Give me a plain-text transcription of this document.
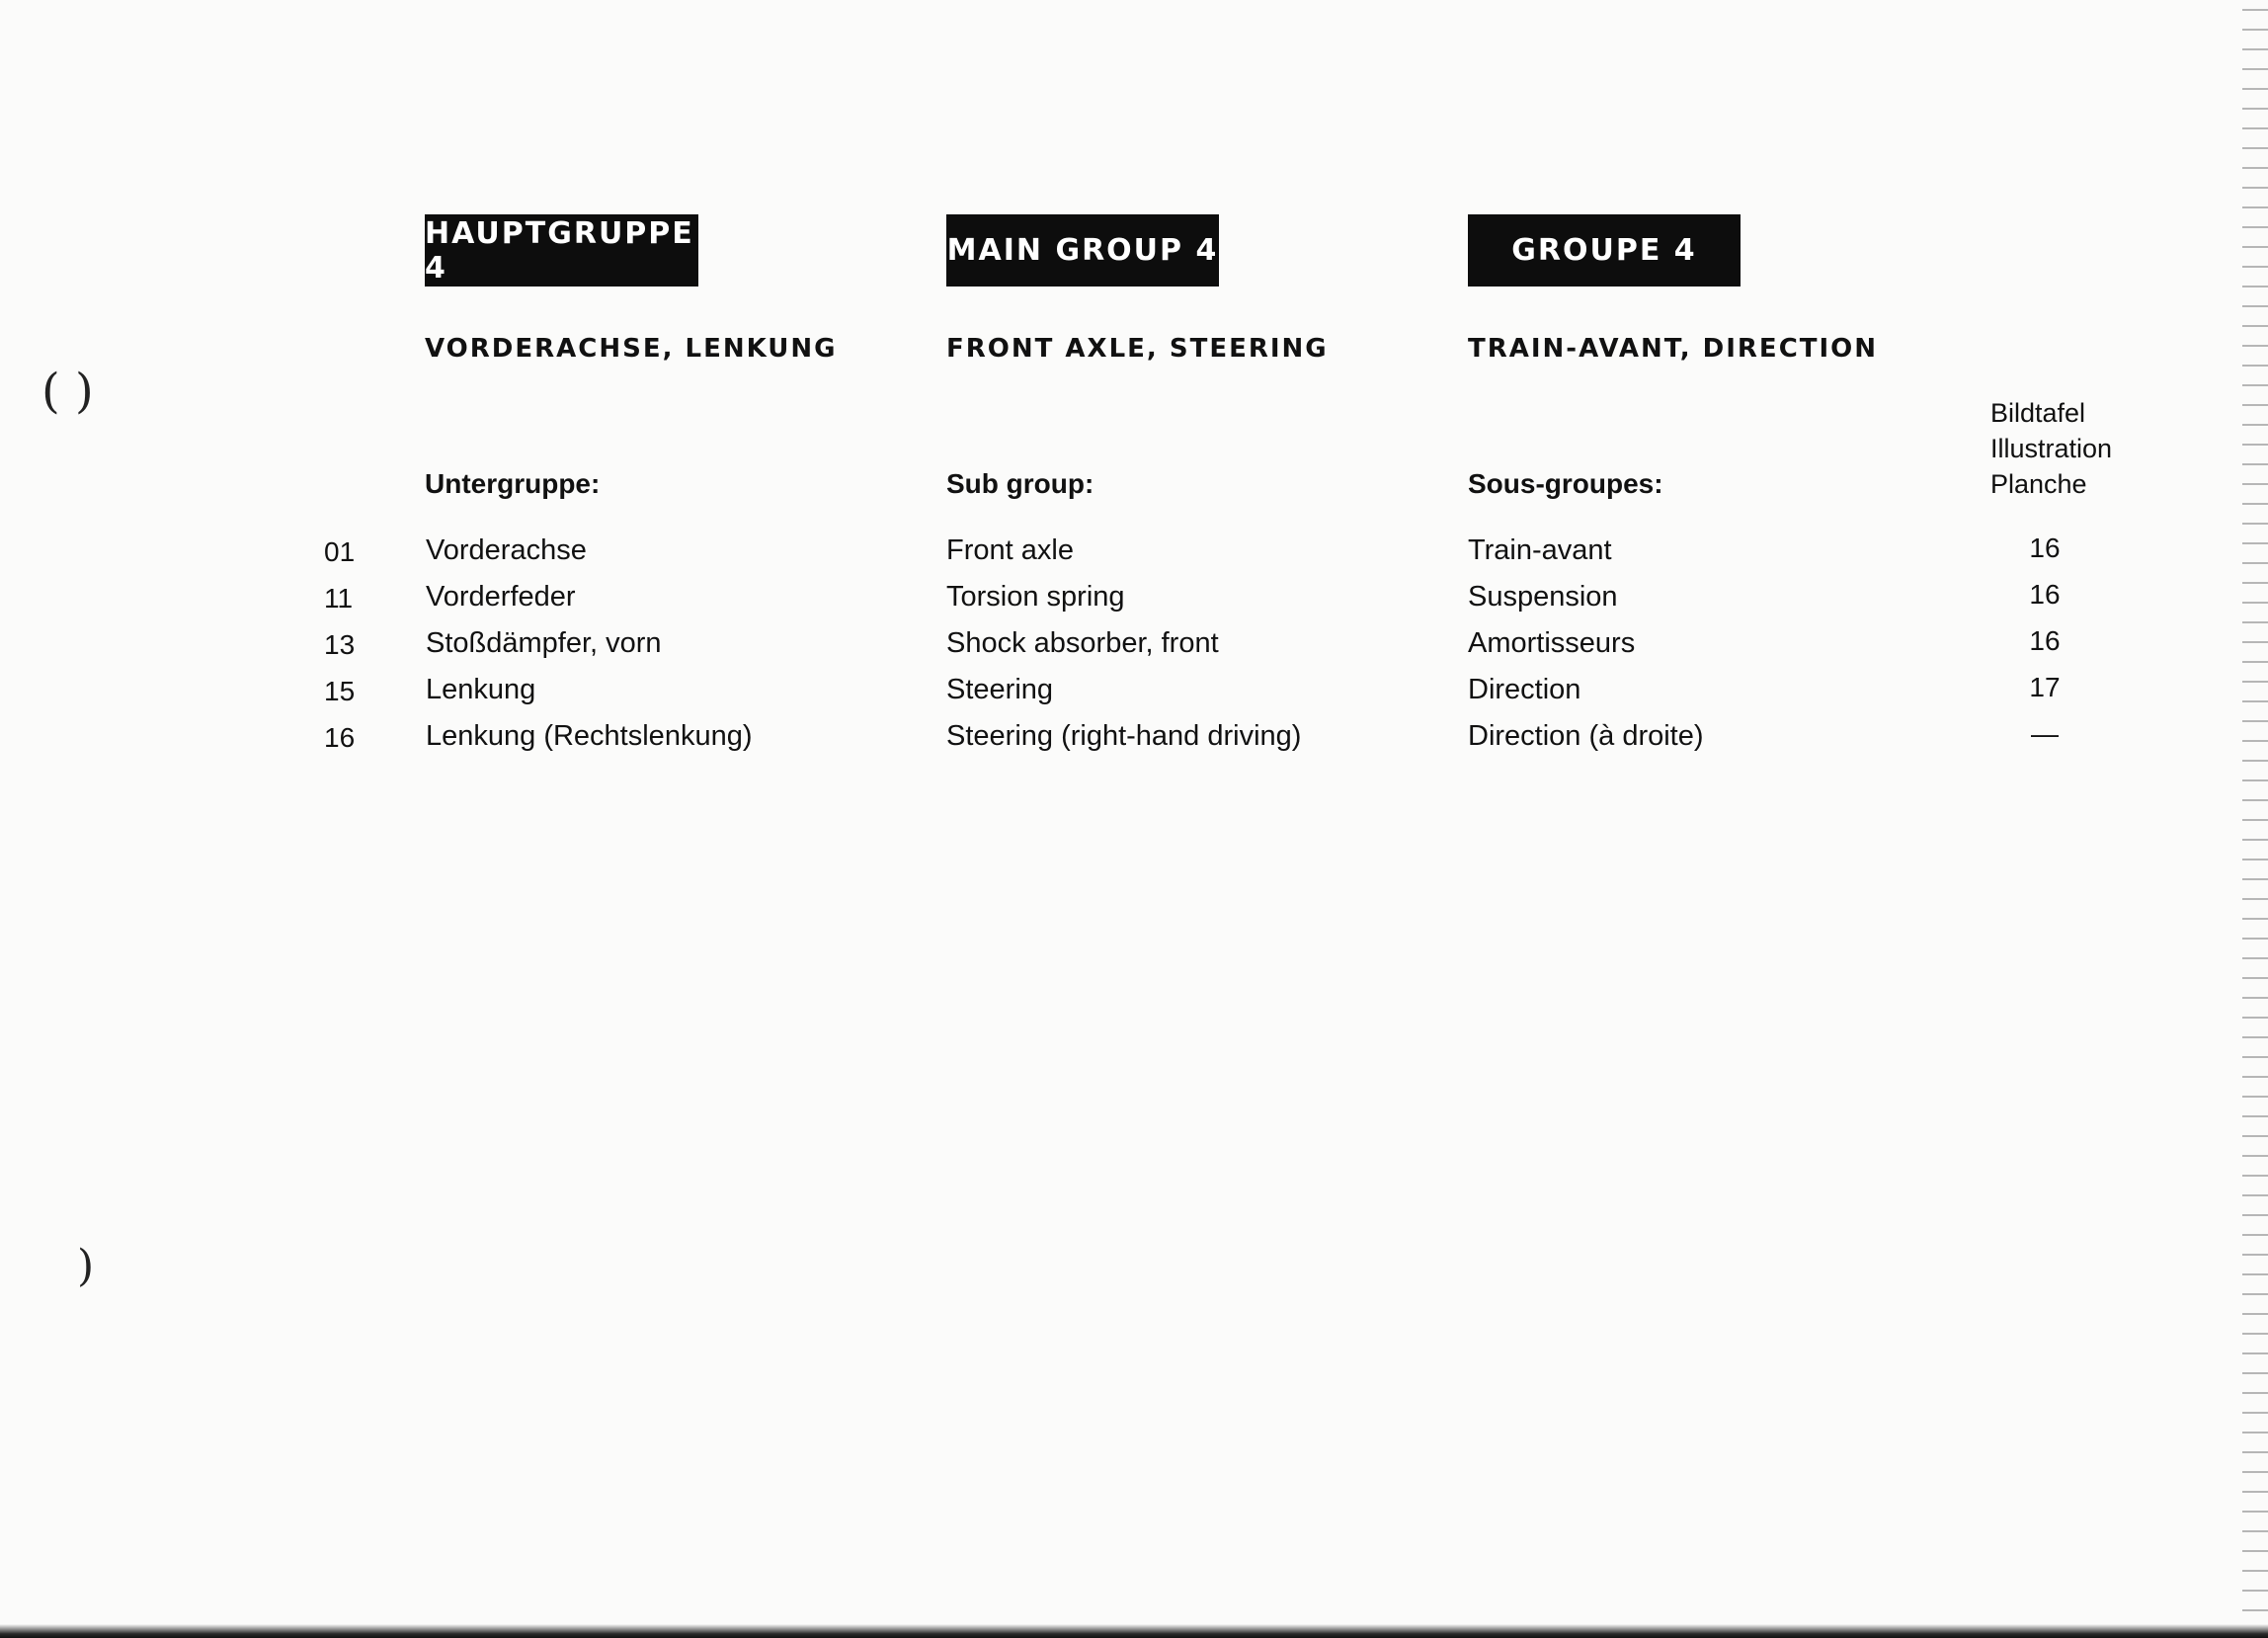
( )
)
HAUPTGRUPPE 4	MAIN GROUP 4	GROUPE 4
VORDERACHSE, LENKUNG	FRONT AXLE, STEERING	TRAIN-AVANT, DIRECTION
Bildtafel
Illustration
Planche
Untergruppe:	Sub group:	Sous-groupes:
01 Vorderachse	Front axle	Train-avant	16
11	Vorderfeder	Torsion spring	Suspension	16
13 Stoßdämpfer, vorn	Shock absorber, front	Amortisseurs	16
15 Lenkung	Steering	Direction	17
16 Lenkung (Rechtslenkung)	Steering (right-hand driving)	Direction (à droite)	—
